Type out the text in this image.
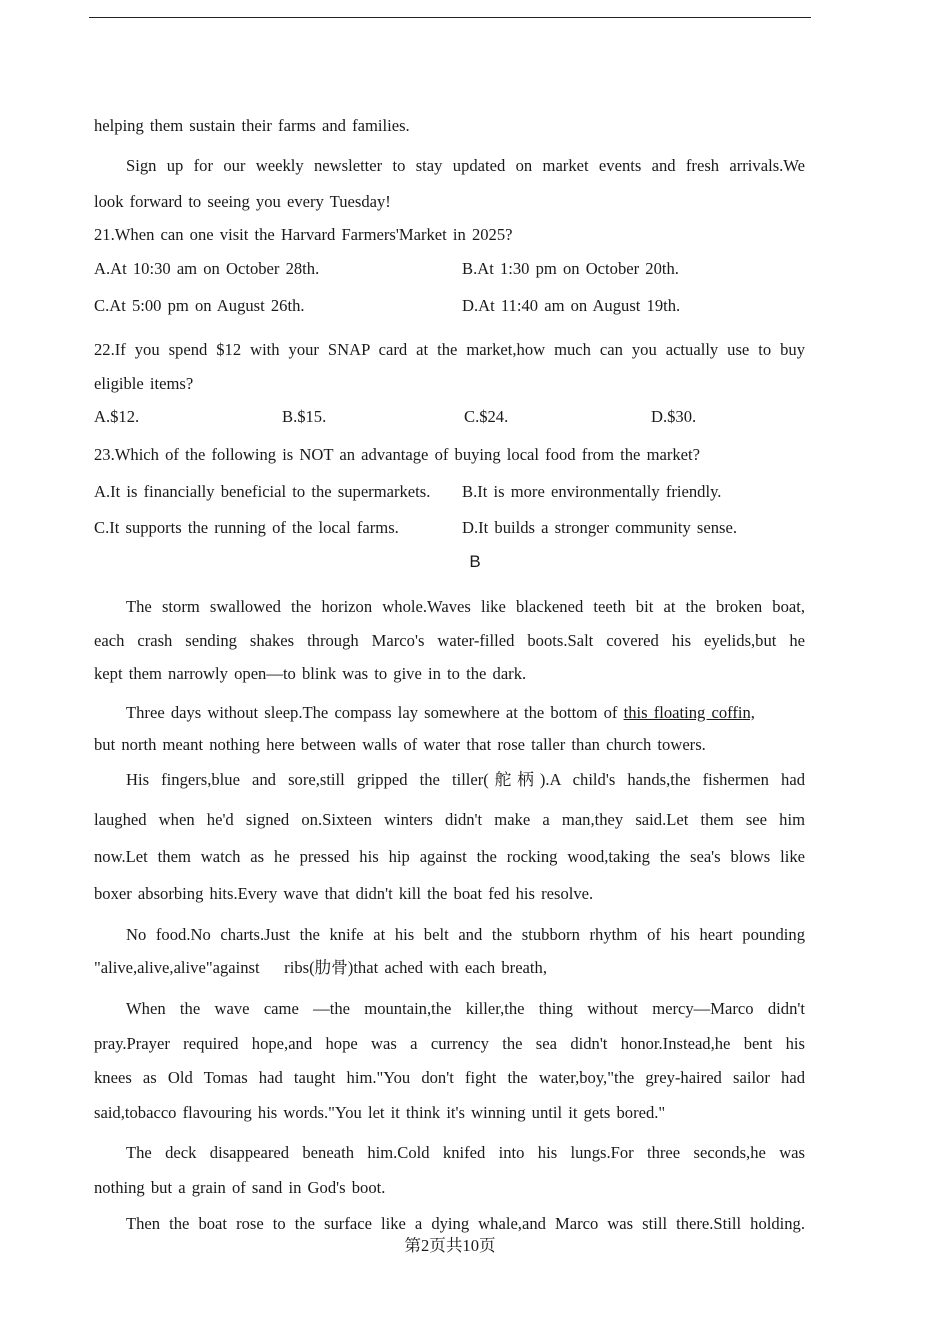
helping them sustain their farms and families.
Sign up for our weekly newsletter to stay updated on market events and fresh arrivals.We
look forward to seeing you every Tuesday!
21.When can one visit the Harvard Farmers'Market in 2025?
A.At 10:30 am on October 28th.	B.At 1:30 pm on October 20th.
C.At 5:00 pm on August 26th.	D.At 11:40 am on August 19th.
22.If you spend $12 with your SNAP card at the market,how much can you actually use to buy
eligible items?
A.$12.	B.$15.	C.$24.	D.$30.
23.Which of the following is NOT an advantage of buying local food from the market?
A.It is financially beneficial to the supermarkets. B.It is more environmentally friendly.
C.It supports the running of the local farms.	D.It builds a stronger community sense.
B
The storm swallowed the horizon whole.Waves like blackened teeth bit at the broken boat,
each crash sending shakes through Marco's water-filled boots.Salt covered his eyelids,but he
kept them narrowly open—to blink was to give in to the dark.
Three days without sleep.The compass lay somewhere at the bottom of this floating coffin,
but north meant nothing here between walls of water that rose taller than church towers.
His fingers,blue and sore,still gripped the tiller(舵柄).A child's hands,the fishermen had
laughed when he'd signed on.Sixteen winters didn't make a man,they said.Let them see him
now.Let them watch as he pressed his hip against the rocking wood,taking the sea's blows like
boxer absorbing hits.Every wave that didn't kill the boat fed his resolve.
No food.No charts.Just the knife at his belt and the stubborn rhythm of his heart pounding
"alive,alive,alive"against    ribs(肋骨)that ached with each breath,
When the wave came —the mountain,the killer,the thing without mercy—Marco didn't
pray.Prayer required hope,and hope was a currency the sea didn't honor.Instead,he bent his
knees as Old Tomas had taught him."You don't fight the water,boy,"the grey-haired sailor had
said,tobacco flavouring his words."You let it think it's winning until it gets bored."
The deck disappeared beneath him.Cold knifed into his lungs.For three seconds,he was
nothing but a grain of sand in God's boot.
Then the boat rose to the surface like a dying whale,and Marco was still there.Still holding.
第2页共10页
